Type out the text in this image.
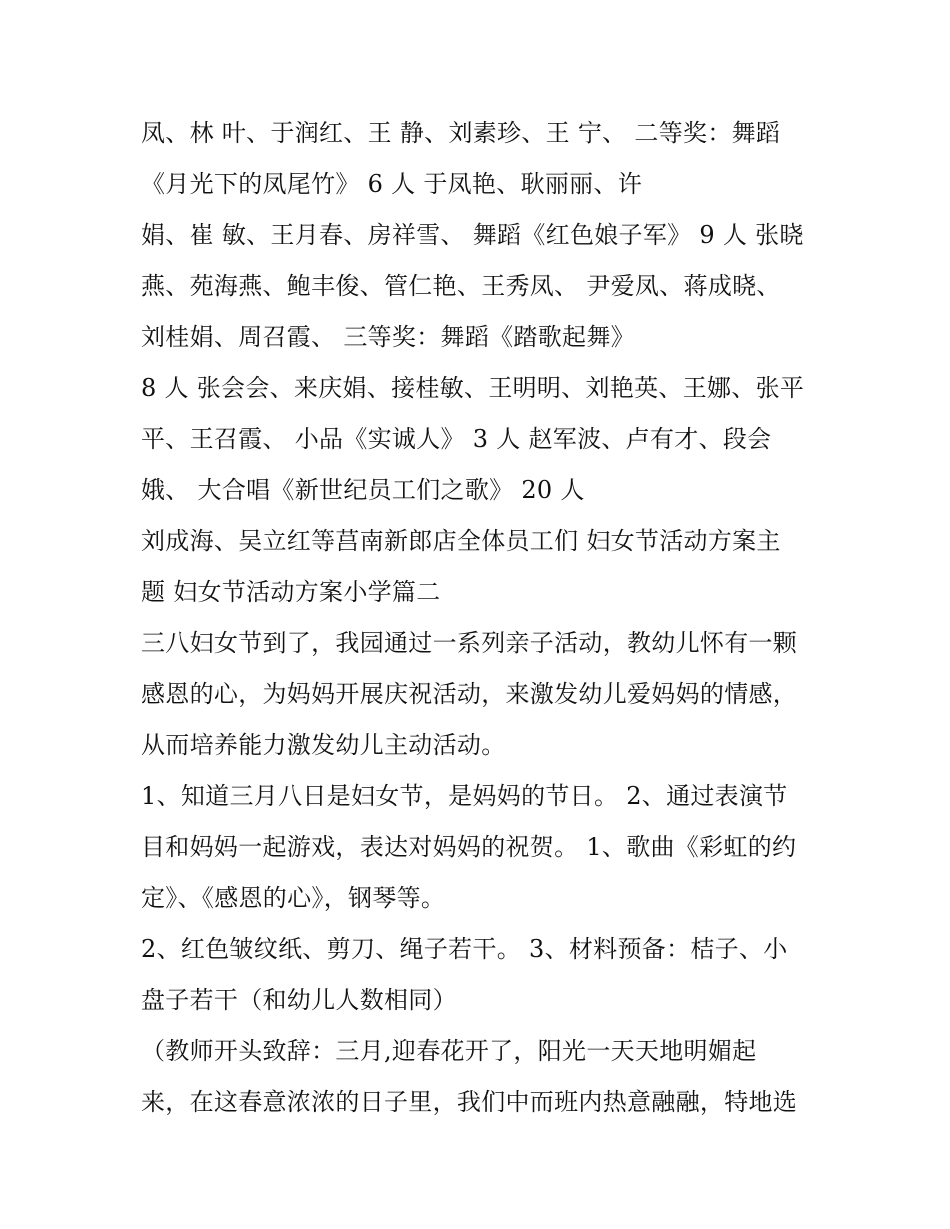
凤、林 叶、于润红、王 静、刘素珍、王 宁、 二等奖：舞蹈
《月光下的凤尾竹》 6 人 于凤艳、耿丽丽、许
娟、崔 敏、王月春、房祥雪、 舞蹈《红色娘子军》 9 人 张晓
燕、苑海燕、鲍丰俊、管仁艳、王秀凤、 尹爱凤、蒋成晓、
刘桂娟、周召霞、 三等奖：舞蹈《踏歌起舞》
8 人 张会会、来庆娟、接桂敏、王明明、刘艳英、王娜、张平
平、王召霞、 小品《实诚人》 3 人 赵军波、卢有才、段会
娥、 大合唱《新世纪员工们之歌》 20 人
刘成海、吴立红等莒南新郎店全体员工们 妇女节活动方案主
题 妇女节活动方案小学篇二
三八妇女节到了，我园通过一系列亲子活动，教幼儿怀有一颗
感恩的心，为妈妈开展庆祝活动，来激发幼儿爱妈妈的情感，
从而培养能力激发幼儿主动活动。
1、知道三月八日是妇女节，是妈妈的节日。 2、通过表演节
目和妈妈一起游戏，表达对妈妈的祝贺。 1、歌曲《彩虹的约
定》、《感恩的心》，钢琴等。
2、红色皱纹纸、剪刀、绳子若干。 3、材料预备：桔子、小
盘子若干（和幼儿人数相同）
（教师开头致辞：三月,迎春花开了，阳光一天天地明媚起
来，在这春意浓浓的日子里，我们中而班内热意融融，特地选
